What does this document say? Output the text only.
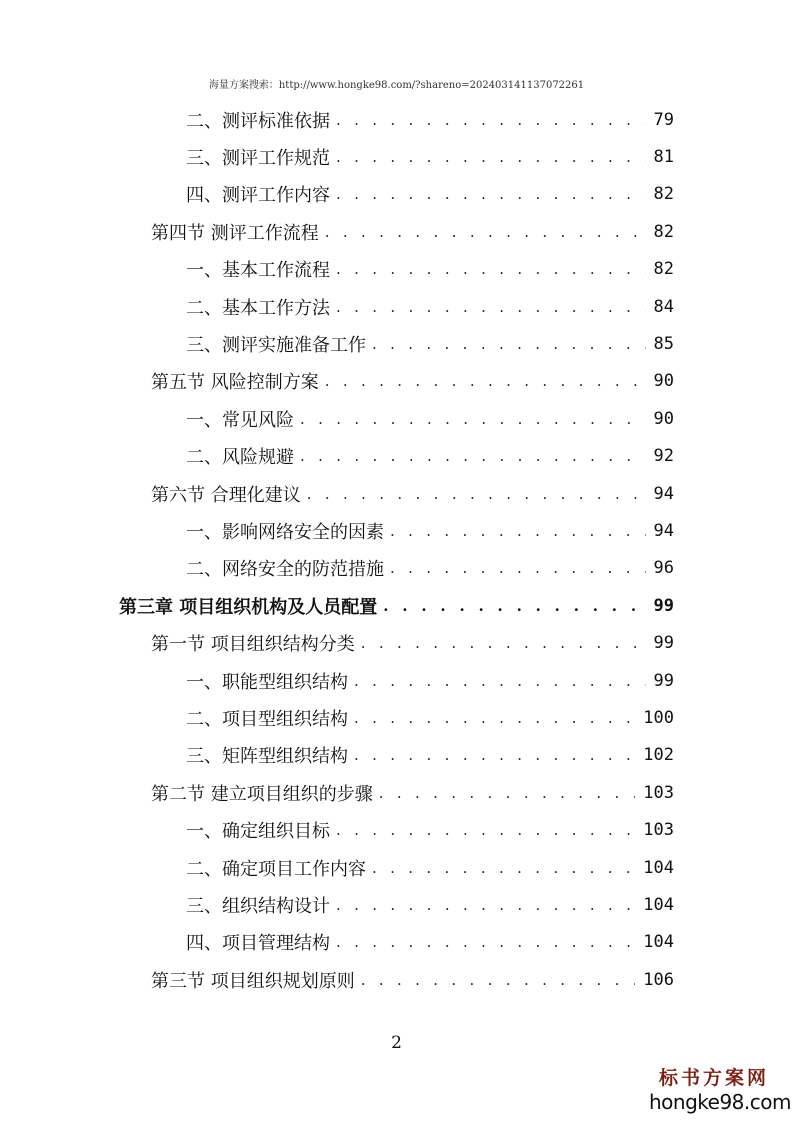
海量方案搜索：http://www.hongke98.com/?shareno=202403141137072261
二、测评标准依据 . . .	79
三、测评工作规范 . . .	81
四、测评工作内容 . . .	82
第四节 测评工作流程 . . .	82
一、基本工作流程 . . .	82
二、基本工作方法 . . .	84
三、测评实施准备工作 . . .	85
第五节 风险控制方案 . . .	90
一、常见风险 . . .	90
二、风险规避 . . .	92
第六节 合理化建议 . . .	94
一、影响网络安全的因素 . . .	94
二、网络安全的防范措施 . . .	96
第三章 项目组织机构及人员配置 . . .	99
第一节 项目组织结构分类 . . .	99
一、职能型组织结构 . . .	99
二、项目型组织结构 . . .	100
三、矩阵型组织结构 . . .	102
第二节 建立项目组织的步骤 . . .	103
一、确定组织目标 . . .	103
二、确定项目工作内容 . . .	104
三、组织结构设计 . . .	104
四、项目管理结构 . . .	104
第三节 项目组织规划原则 . . .	106
2
标书方案网
hongke98.com
